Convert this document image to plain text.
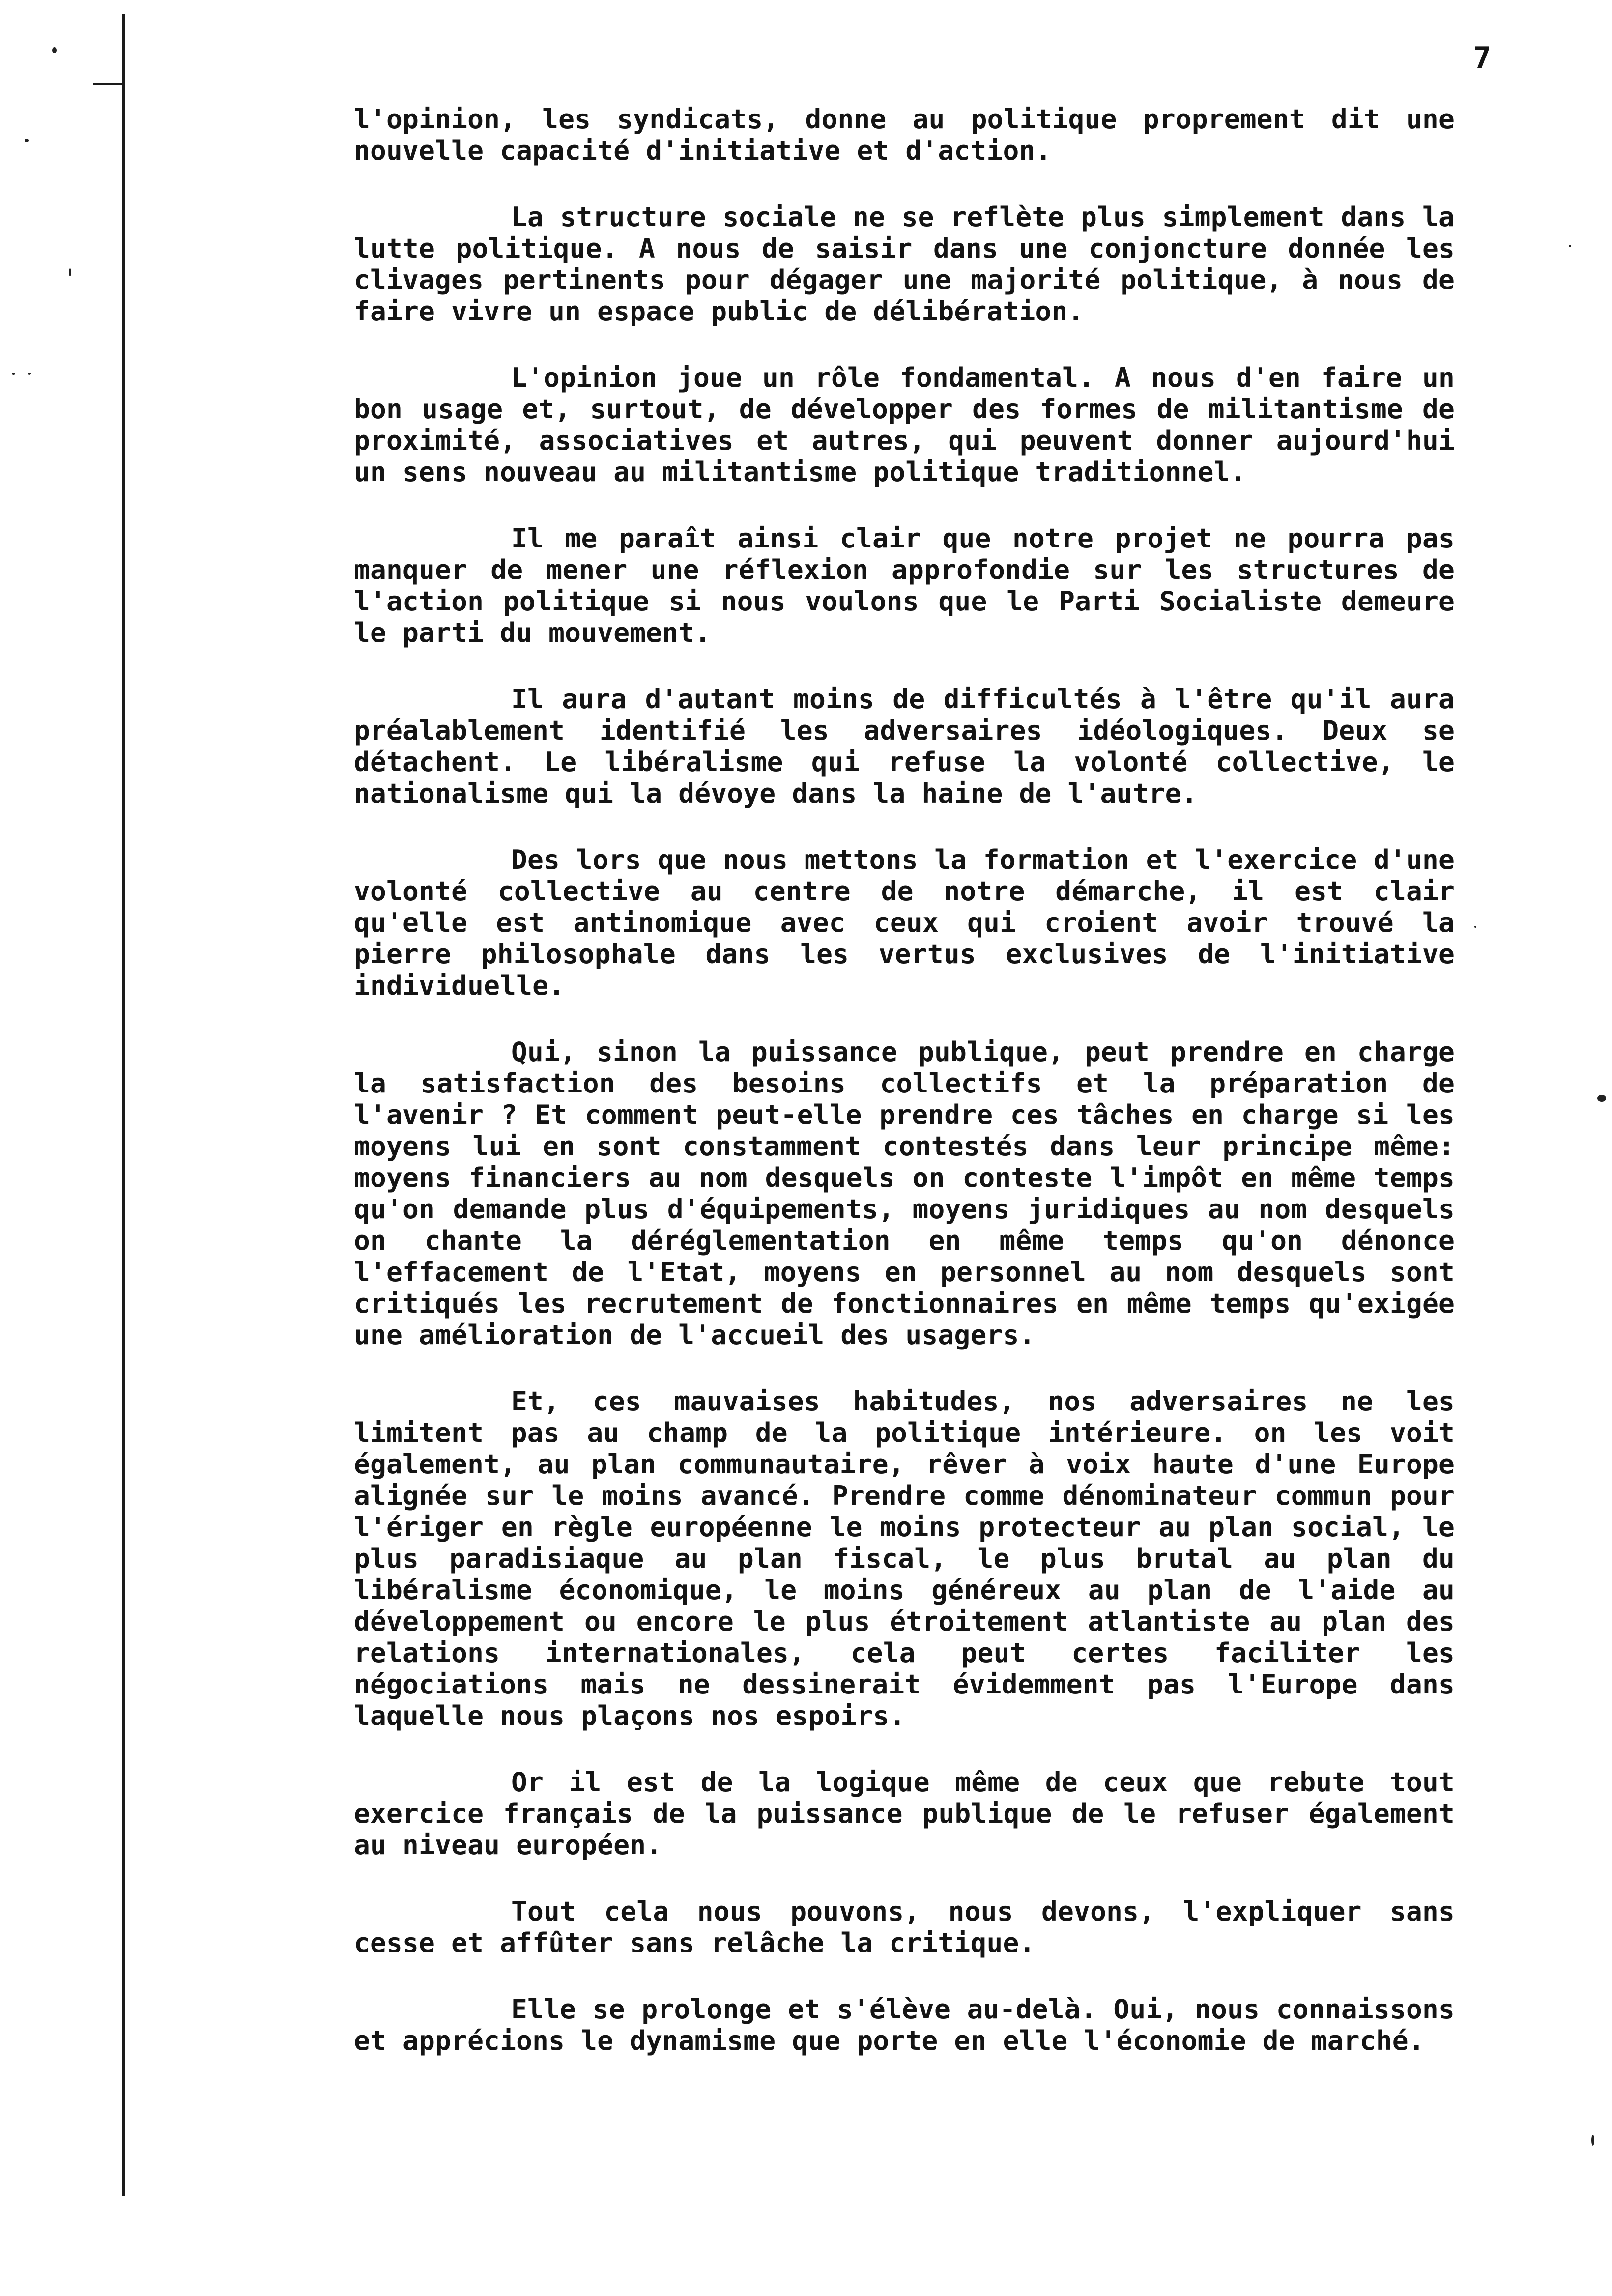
7

l'opinion, les syndicats, donne au politique proprement dit une nouvelle capacité d'initiative et d'action.

La structure sociale ne se reflète plus simplement dans la lutte politique. A nous de saisir dans une conjoncture donnée les clivages pertinents pour dégager une majorité politique, à nous de faire vivre un espace public de délibération.

L'opinion joue un rôle fondamental. A nous d'en faire un bon usage et, surtout, de développer des formes de militantisme de proximité, associatives et autres, qui peuvent donner aujourd'hui un sens nouveau au militantisme politique traditionnel.

Il me paraît ainsi clair que notre projet ne pourra pas manquer de mener une réflexion approfondie sur les structures de l'action politique si nous voulons que le Parti Socialiste demeure le parti du mouvement.

Il aura d'autant moins de difficultés à l'être qu'il aura préalablement identifié les adversaires idéologiques. Deux se détachent. Le libéralisme qui refuse la volonté collective, le nationalisme qui la dévoye dans la haine de l'autre.

Des lors que nous mettons la formation et l'exercice d'une volonté collective au centre de notre démarche, il est clair qu'elle est antinomique avec ceux qui croient avoir trouvé la pierre philosophale dans les vertus exclusives de l'initiative individuelle.

Qui, sinon la puissance publique, peut prendre en charge la satisfaction des besoins collectifs et la préparation de l'avenir ? Et comment peut-elle prendre ces tâches en charge si les moyens lui en sont constamment contestés dans leur principe même: moyens financiers au nom desquels on conteste l'impôt en même temps qu'on demande plus d'équipements, moyens juridiques au nom desquels on chante la déréglementation en même temps qu'on dénonce l'effacement de l'Etat, moyens en personnel au nom desquels sont critiqués les recrutement de fonctionnaires en même temps qu'exigée une amélioration de l'accueil des usagers.

Et, ces mauvaises habitudes, nos adversaires ne les limitent pas au champ de la politique intérieure. on les voit également, au plan communautaire, rêver à voix haute d'une Europe alignée sur le moins avancé. Prendre comme dénominateur commun pour l'ériger en règle européenne le moins protecteur au plan social, le plus paradisiaque au plan fiscal, le plus brutal au plan du libéralisme économique, le moins généreux au plan de l'aide au développement ou encore le plus étroitement atlantiste au plan des relations internationales, cela peut certes faciliter les négociations mais ne dessinerait évidemment pas l'Europe dans laquelle nous plaçons nos espoirs.

Or il est de la logique même de ceux que rebute tout exercice français de la puissance publique de le refuser également au niveau européen.

Tout cela nous pouvons, nous devons, l'expliquer sans cesse et affûter sans relâche la critique.

Elle se prolonge et s'élève au-delà. Oui, nous connaissons et apprécions le dynamisme que porte en elle l'économie de marché.
